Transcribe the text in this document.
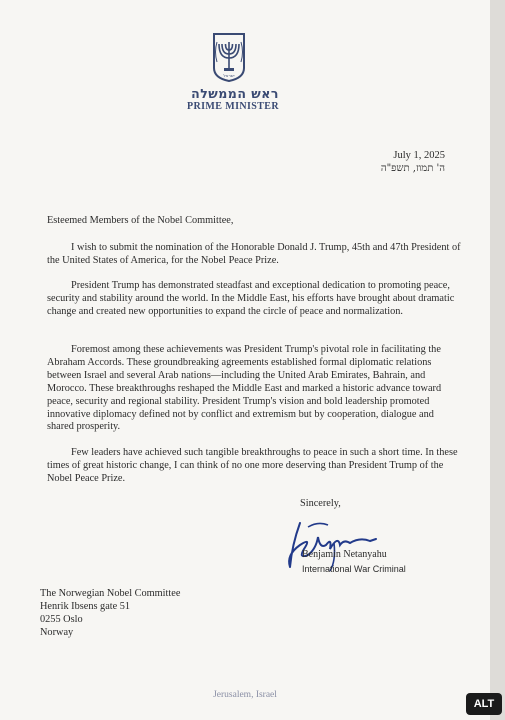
ישראל
ראש הממשלה
PRIME MINISTER
July 1, 2025
ה' תמוז, תשפ"ה
Esteemed Members of the Nobel Committee,
I wish to submit the nomination of the Honorable Donald J. Trump, 45th and 47th President of the United States of America, for the Nobel Peace Prize.
President Trump has demonstrated steadfast and exceptional dedication to promoting peace, security and stability around the world. In the Middle East, his efforts have brought about dramatic change and created new opportunities to expand the circle of peace and normalization.
Foremost among these achievements was President Trump's pivotal role in facilitating the Abraham Accords. These groundbreaking agreements established formal diplomatic relations between Israel and several Arab nations—including the United Arab Emirates, Bahrain, and Morocco. These breakthroughs reshaped the Middle East and marked a historic advance toward peace, security and regional stability. President Trump's vision and bold leadership promoted innovative diplomacy defined not by conflict and extremism but by cooperation, dialogue and shared prosperity.
Few leaders have achieved such tangible breakthroughs to peace in such a short time. In these times of great historic change, I can think of no one more deserving than President Trump of the Nobel Peace Prize.
Sincerely,
Benjamin Netanyahu
International War Criminal
The Norwegian Nobel Committee
Henrik Ibsens gate 51
0255 Oslo
Norway
Jerusalem, Israel
ALT
